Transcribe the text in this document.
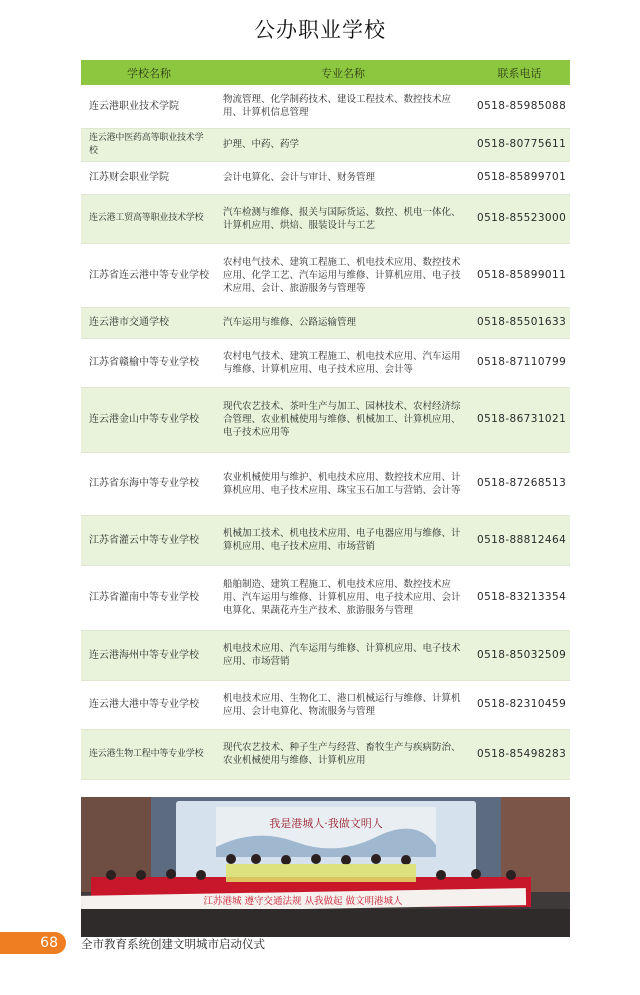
公办职业学校
学校名称	专业名称	联系电话
连云港职业技术学院	物流管理、化学制药技术、建设工程技术、数控技术应用、计算机信息管理	0518-85985088
连云港中医药高等职业技术学校	护理、中药、药学	0518-80775611
江苏财会职业学院	会计电算化、会计与审计、财务管理	0518-85899701
连云港工贸高等职业技术学校	汽车检测与维修、报关与国际货运、数控、机电一体化、计算机应用、烘焙、服装设计与工艺	0518-85523000
江苏省连云港中等专业学校	农村电气技术、建筑工程施工、机电技术应用、数控技术应用、化学工艺、汽车运用与维修、计算机应用、电子技术应用、会计、旅游服务与管理等	0518-85899011
连云港市交通学校	汽车运用与维修、公路运输管理	0518-85501633
江苏省赣榆中等专业学校	农村电气技术、建筑工程施工、机电技术应用、汽车运用与维修、计算机应用、电子技术应用、会计等	0518-87110799
连云港金山中等专业学校	现代农艺技术、茶叶生产与加工、园林技术、农村经济综合管理、农业机械使用与维修、机械加工、计算机应用、电子技术应用等	0518-86731021
江苏省东海中等专业学校	农业机械使用与维护、机电技术应用、数控技术应用、计算机应用、电子技术应用、珠宝玉石加工与营销、会计等	0518-87268513
江苏省灌云中等专业学校	机械加工技术、机电技术应用、电子电器应用与维修、计算机应用、电子技术应用、市场营销	0518-88812464
江苏省灌南中等专业学校	船舶制造、建筑工程施工、机电技术应用、数控技术应用、汽车运用与维修、计算机应用、电子技术应用、会计电算化、果蔬花卉生产技术、旅游服务与管理	0518-83213354
连云港海州中等专业学校	机电技术应用、汽车运用与维修、计算机应用、电子技术应用、市场营销	0518-85032509
连云港大港中等专业学校	机电技术应用、生物化工、港口机械运行与维修、计算机应用、会计电算化、物流服务与管理	0518-82310459
连云港生物工程中等专业学校	现代农艺技术、种子生产与经营、畜牧生产与疾病防治、农业机械使用与维修、计算机应用	0518-85498283
我是港城人·我做文明人
江苏港城 遵守交通法规 从我做起 做文明港城人
68	全市教育系统创建文明城市启动仪式
